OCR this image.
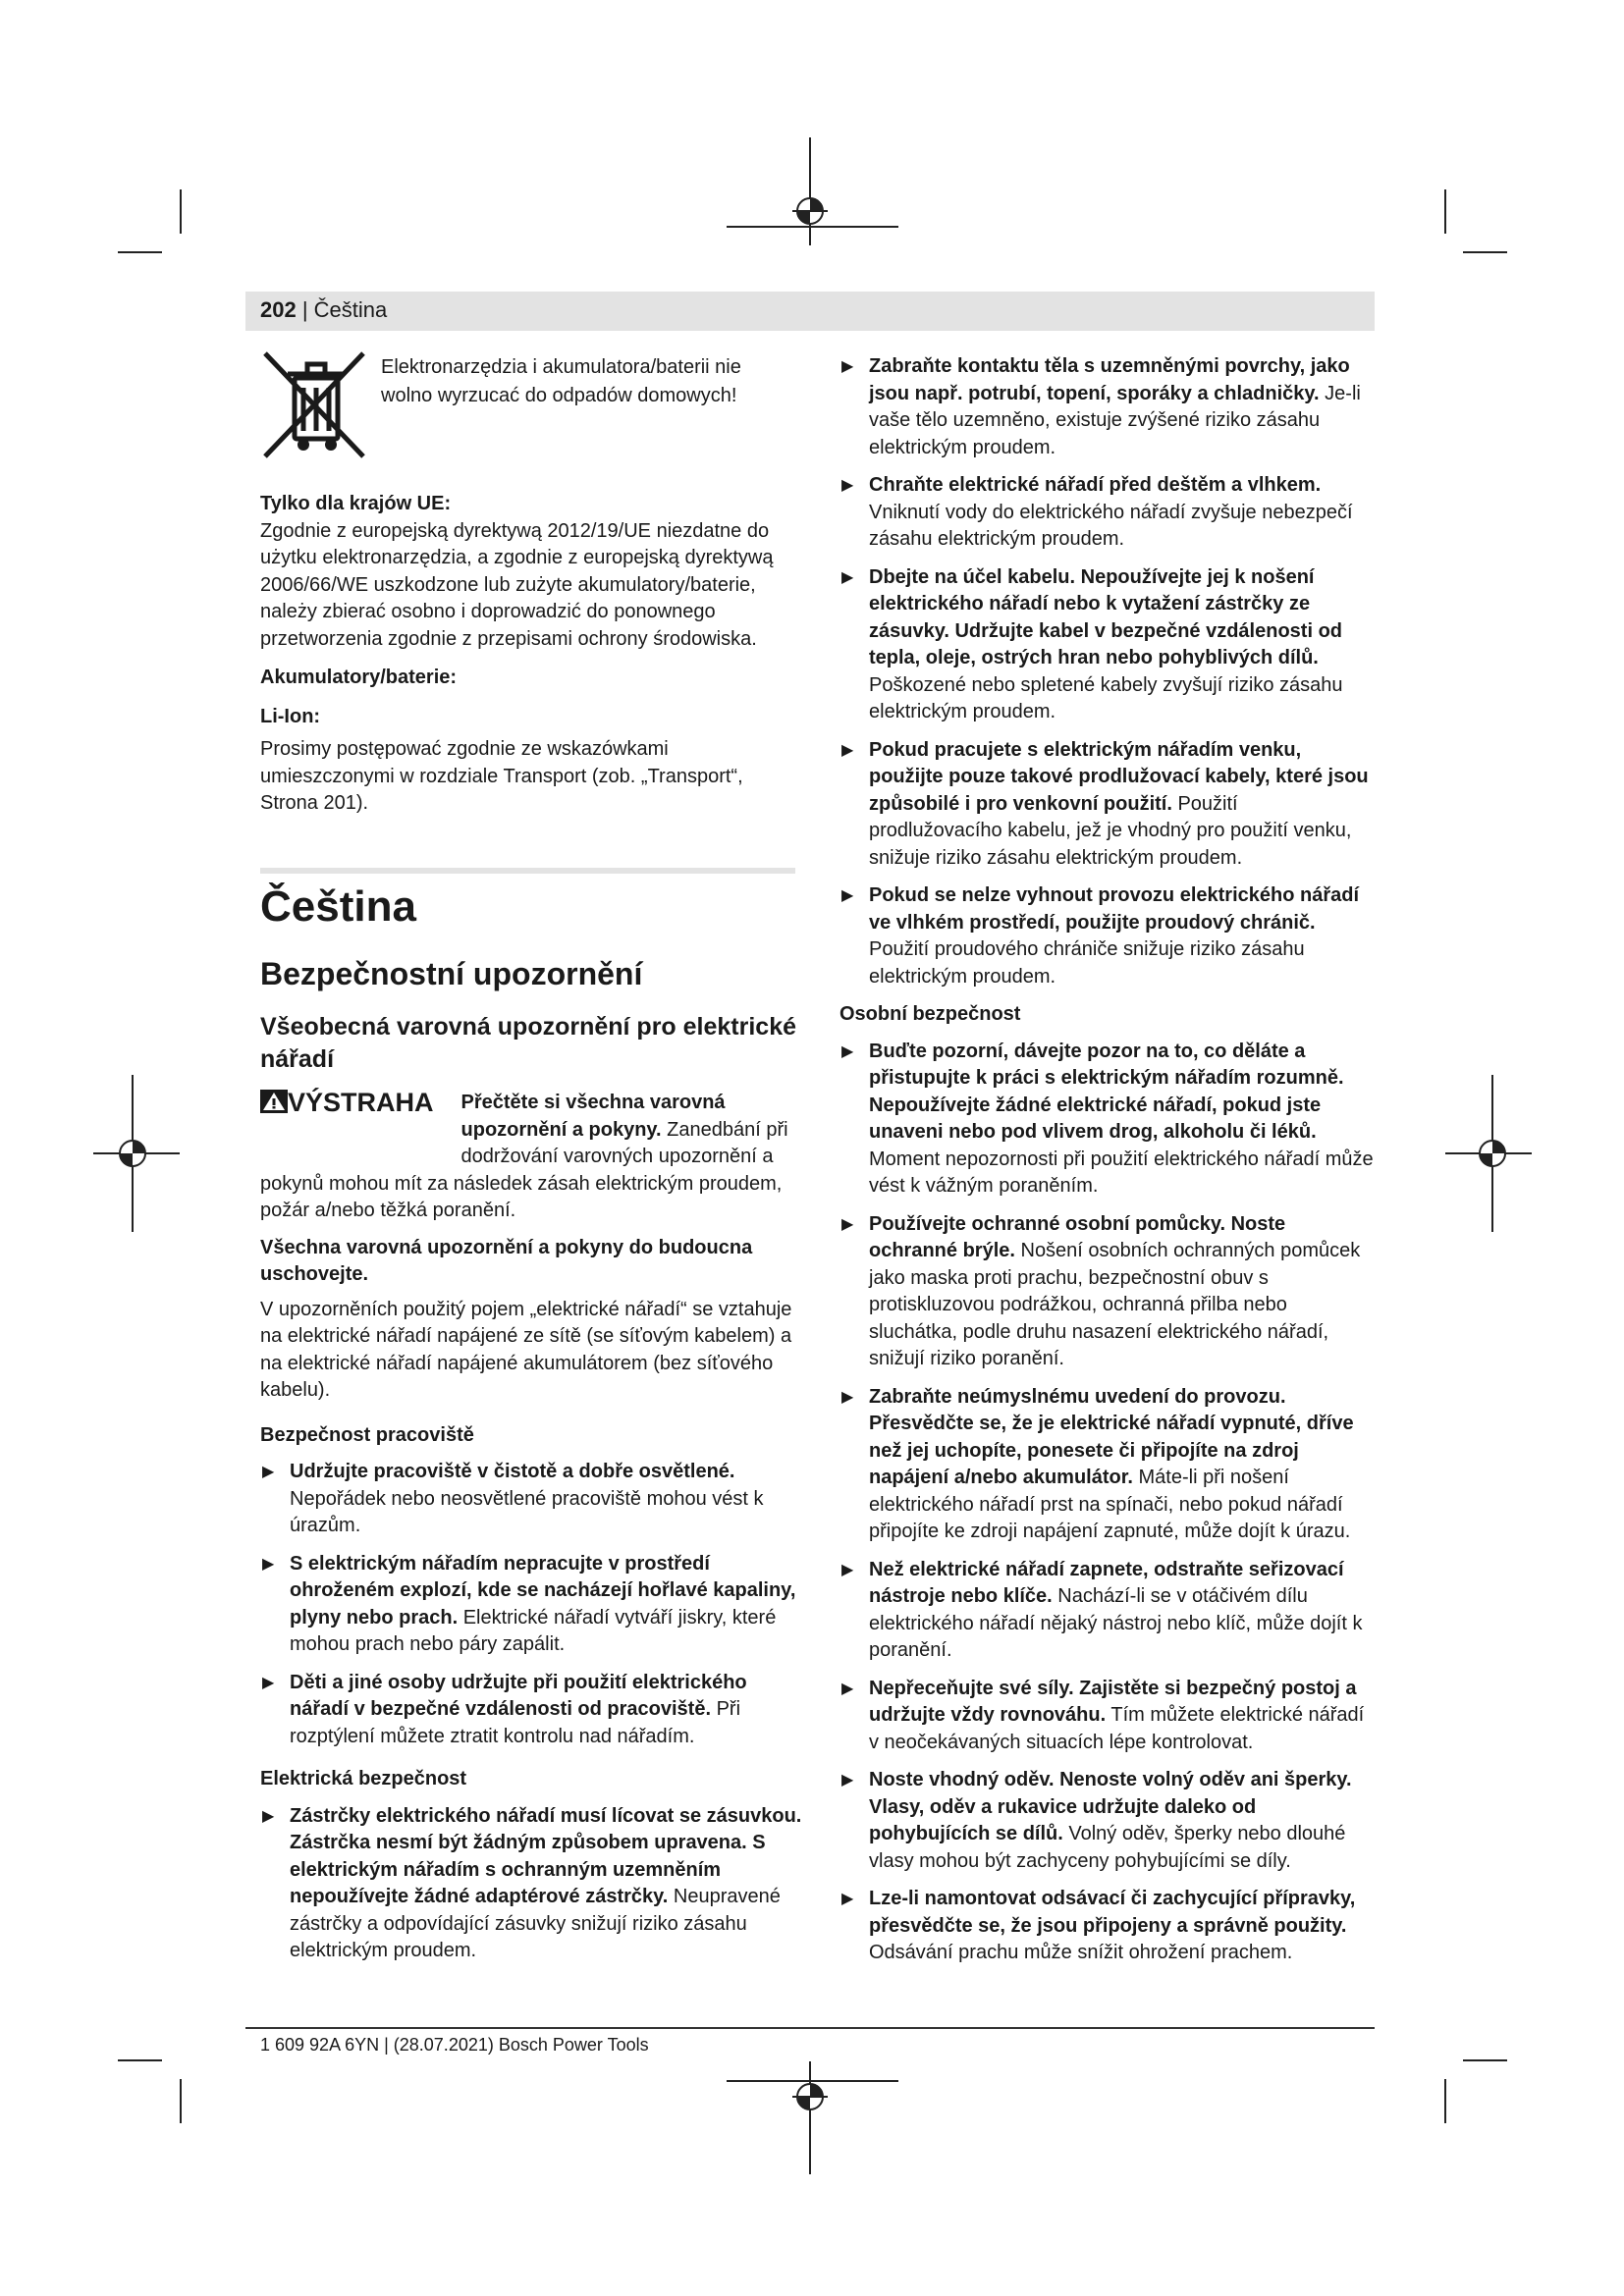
202 | Čeština
Elektronarzędzia i akumulatora/baterii nie wolno wyrzucać do odpadów domowych!

Tylko dla krajów UE:

Zgodnie z europejską dyrektywą 2012/19/UE niezdatne do użytku elektronarzędzia, a zgodnie z europejską dyrektywą 2006/66/WE uszkodzone lub zużyte akumulatory/baterie, należy zbierać osobno i doprowadzić do ponownego przetworzenia zgodnie z przepisami ochrony środowiska.

Akumulatory/baterie:

Li-Ion:

Prosimy postępować zgodnie ze wskazówkami umieszczonymi w rozdziale Transport (zob. „Transport“, Strona 201).

Čeština
Bezpečnostní upozornění
Všeobecná varovná upozornění pro elektrické nářadí
VÝSTRAHA	Přečtěte si všechna varovná upozornění a pokyny. Zanedbání při dodržování varovných upozornění a pokynů mohou mít za následek zásah elektrickým proudem, požár a/nebo těžká poranění.

Všechna varovná upozornění a pokyny do budoucna uschovejte.

V upozorněních použitý pojem „elektrické nářadí“ se vztahuje na elektrické nářadí napájené ze sítě (se síťovým kabelem) a na elektrické nářadí napájené akumulátorem (bez síťového kabelu).

Bezpečnost pracoviště

▶ Udržujte pracoviště v čistotě a dobře osvětlené. Nepořádek nebo neosvětlené pracoviště mohou vést k úrazům.
▶ S elektrickým nářadím nepracujte v prostředí ohroženém explozí, kde se nacházejí hořlavé kapaliny, plyny nebo prach. Elektrické nářadí vytváří jiskry, které mohou prach nebo páry zapálit.
▶ Děti a jiné osoby udržujte při použití elektrického nářadí v bezpečné vzdálenosti od pracoviště. Při rozptýlení můžete ztratit kontrolu nad nářadím.

Elektrická bezpečnost

▶ Zástrčky elektrického nářadí musí lícovat se zásuvkou. Zástrčka nesmí být žádným způsobem upravena. S elektrickým nářadím s ochranným uzemněním nepoužívejte žádné adaptérové zástrčky. Neupravené zástrčky a odpovídající zásuvky snižují riziko zásahu elektrickým proudem.
▶ Zabraňte kontaktu těla s uzemněnými povrchy, jako jsou např. potrubí, topení, sporáky a chladničky. Je-li vaše tělo uzemněno, existuje zvýšené riziko zásahu elektrickým proudem.
▶ Chraňte elektrické nářadí před deštěm a vlhkem. Vniknutí vody do elektrického nářadí zvyšuje nebezpečí zásahu elektrickým proudem.
▶ Dbejte na účel kabelu. Nepoužívejte jej k nošení elektrického nářadí nebo k vytažení zástrčky ze zásuvky. Udržujte kabel v bezpečné vzdálenosti od tepla, oleje, ostrých hran nebo pohyblivých dílů. Poškozené nebo spletené kabely zvyšují riziko zásahu elektrickým proudem.
▶ Pokud pracujete s elektrickým nářadím venku, použijte pouze takové prodlužovací kabely, které jsou způsobilé i pro venkovní použití. Použití prodlužovacího kabelu, jež je vhodný pro použití venku, snižuje riziko zásahu elektrickým proudem.
▶ Pokud se nelze vyhnout provozu elektrického nářadí ve vlhkém prostředí, použijte proudový chránič. Použití proudového chrániče snižuje riziko zásahu elektrickým proudem.

Osobní bezpečnost

▶ Buďte pozorní, dávejte pozor na to, co děláte a přistupujte k práci s elektrickým nářadím rozumně. Nepoužívejte žádné elektrické nářadí, pokud jste unaveni nebo pod vlivem drog, alkoholu či léků. Moment nepozornosti při použití elektrického nářadí může vést k vážným poraněním.
▶ Používejte ochranné osobní pomůcky. Noste ochranné brýle. Nošení osobních ochranných pomůcek jako maska proti prachu, bezpečnostní obuv s protiskluzovou podrážkou, ochranná přilba nebo sluchátka, podle druhu nasazení elektrického nářadí, snižují riziko poranění.
▶ Zabraňte neúmyslnému uvedení do provozu. Přesvědčte se, že je elektrické nářadí vypnuté, dříve než jej uchopíte, ponesete či připojíte na zdroj napájení a/nebo akumulátor. Máte-li při nošení elektrického nářadí prst na spínači, nebo pokud nářadí připojíte ke zdroji napájení zapnuté, může dojít k úrazu.
▶ Než elektrické nářadí zapnete, odstraňte seřizovací nástroje nebo klíče. Nachází-li se v otáčivém dílu elektrického nářadí nějaký nástroj nebo klíč, může dojít k poranění.
▶ Nepřeceňujte své síly. Zajistěte si bezpečný postoj a udržujte vždy rovnováhu. Tím můžete elektrické nářadí v neočekávaných situacích lépe kontrolovat.
▶ Noste vhodný oděv. Nenoste volný oděv ani šperky. Vlasy, oděv a rukavice udržujte daleko od pohybujících se dílů. Volný oděv, šperky nebo dlouhé vlasy mohou být zachyceny pohybujícími se díly.
▶ Lze-li namontovat odsávací či zachycující přípravky, přesvědčte se, že jsou připojeny a správně použity. Odsávání prachu může snížit ohrožení prachem.
1 609 92A 6YN | (28.07.2021) Bosch Power Tools
